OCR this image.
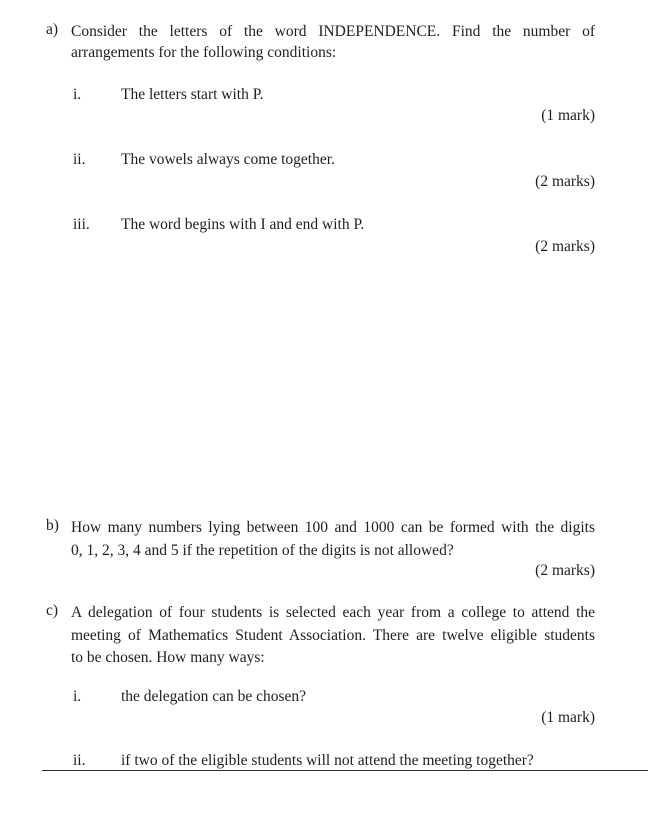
a) Consider the letters of the word INDEPENDENCE. Find the number of
arrangements for the following conditions:
i.	The letters start with P.
(1 mark)
ii. The vowels always come together.
(2 marks)
iii. The word begins with I and end with P.
(2 marks)
b) How many numbers lying between 100 and 1000 can be formed with the digits
0, 1, 2, 3, 4 and 5 if the repetition of the digits is not allowed?
(2 marks)
c) A delegation of four students is selected each year from a college to attend the
meeting of Mathematics Student Association. There are twelve eligible students
to be chosen. How many ways:
i.	the delegation can be chosen?
(1 mark)
ii. if two of the eligible students will not attend the meeting together?
